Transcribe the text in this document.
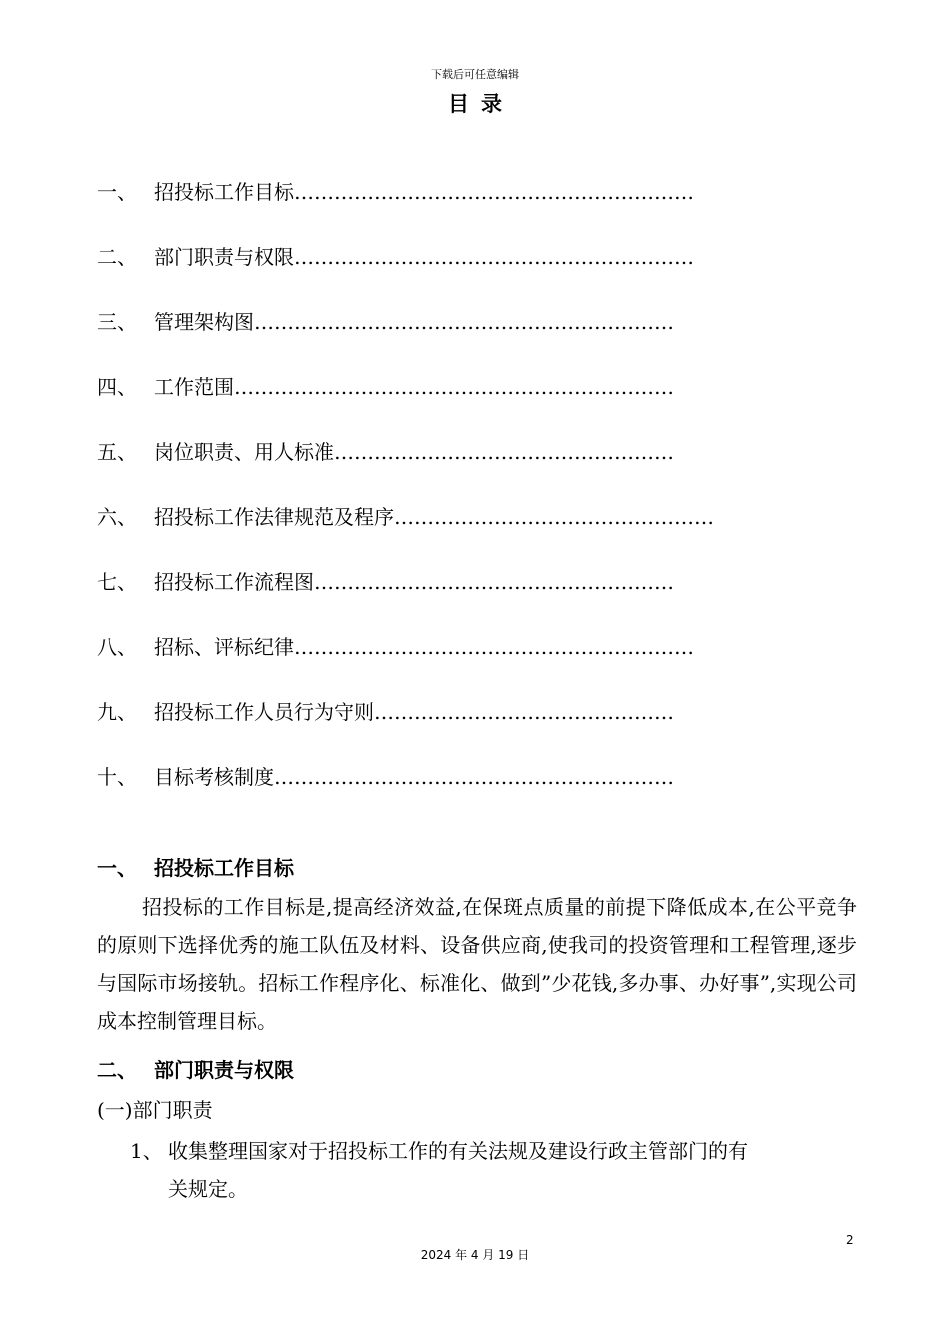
下载后可任意编辑
目录
一、 招投标工作目标……………………………………………………
二、 部门职责与权限……………………………………………………
三、 管理架构图………………………………………………………
四、 工作范围…………………………………………………………
五、 岗位职责、用人标准……………………………………………
六、 招投标工作法律规范及程序…………………………………………
七、 招投标工作流程图………………………………………………
八、 招标、评标纪律……………………………………………………
九、 招投标工作人员行为守则………………………………………
十、 目标考核制度……………………………………………………
一、 招投标工作目标
招投标的工作目标是,提高经济效益,在保斑点质量的前提下降低成本,在公平竞争的原则下选择优秀的施工队伍及材料、设备供应商,使我司的投资管理和工程管理,逐步与国际市场接轨。招标工作程序化、标准化、做到”少花钱,多办事、办好事”,实现公司成本控制管理目标。
二、 部门职责与权限
(一)部门职责
1、 收集整理国家对于招投标工作的有关法规及建设行政主管部门的有
关规定。
2
2024 年 4 月 19 日
